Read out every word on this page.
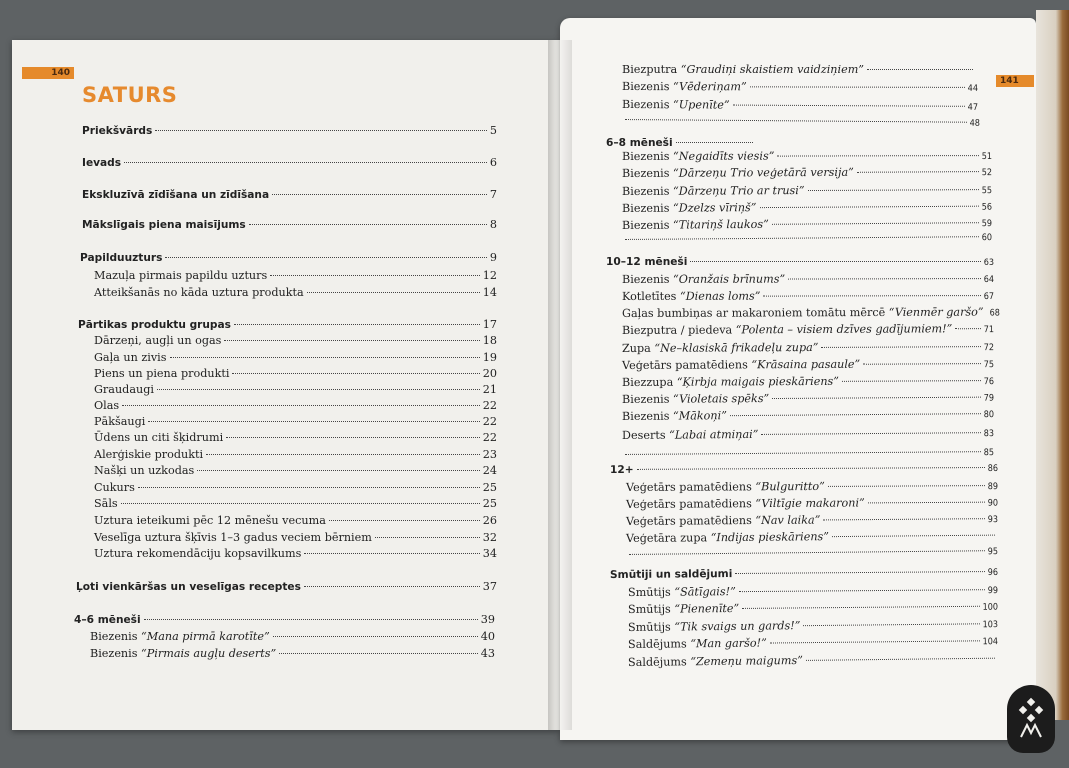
140
141
SATURS
Priekšvārds	5
Ievads	6
Ekskluzīvā zīdīšana un zīdīšana	7
Mākslīgais piena maisījums	8
Papilduuzturs	9
Mazuļa pirmais papildu uzturs	12
Atteikšanās no kāda uztura produkta	14
Pārtikas produktu grupas	17
Dārzeņi, augļi un ogas	18
Gaļa un zivis	19
Piens un piena produkti	20
Graudaugi	21
Olas	22
Pākšaugi	22
Ūdens un citi šķidrumi	22
Alerģiskie produkti	23
Našķi un uzkodas	24
Cukurs	25
Sāls	25
Uztura ieteikumi pēc 12 mēnešu vecuma	26
Veselīga uztura šķīvis 1–3 gadus veciem bērniem	32
Uztura rekomendāciju kopsavilkums	34
Ļoti vienkāršas un veselīgas receptes	37
4–6 mēneši	39
Biezenis “Mana pirmā karotīte”	40
Biezenis “Pirmais augļu deserts”	43
Biezputra “Graudiņi skaistiem vaidziņiem”
Biezenis “Vēderiņam”	44
Biezenis “Upenīte”	47
48
6–8 mēneši
Biezenis “Negaidīts viesis”	51
Biezenis “Dārzeņu Trio veģetārā versija”	52
Biezenis “Dārzeņu Trio ar trusi”	55
Biezenis “Dzelzs vīriņš”	56
Biezenis “Titariņš laukos”	59
60
10–12 mēneši	63
Biezenis “Oranžais brīnums”	64
Kotletītes “Dienas loms”	67
Gaļas bumbiņas ar makaroniem tomātu mērcē “Vienmēr garšo” 68
Biezputra / piedeva “Polenta – visiem dzīves gadījumiem!”	71
Zupa “Ne–klasiskā frikadeļu zupa”	72
Veģetārs pamatēdiens “Krāsaina pasaule”	75
Biezzupa “Ķirbja maigais pieskāriens”	76
Biezenis “Violetais spēks”	79
Biezenis “Mākoņi”	80
Deserts “Labai atmiņai”	83
85
12+	86
Veģetārs pamatēdiens “Bulguritto”	89
Veģetārs pamatēdiens “Viltīgie makaroni”	90
Veģetārs pamatēdiens “Nav laika”	93
Veģetāra zupa “Indijas pieskāriens”
95
Smūtiji un saldējumi	96
Smūtijs “Sātīgais!”	99
Smūtijs “Pienenīte”	100
Smūtijs “Tik svaigs un gards!”	103
Saldējums “Man garšo!”	104
Saldējums “Zemeņu maigums”
